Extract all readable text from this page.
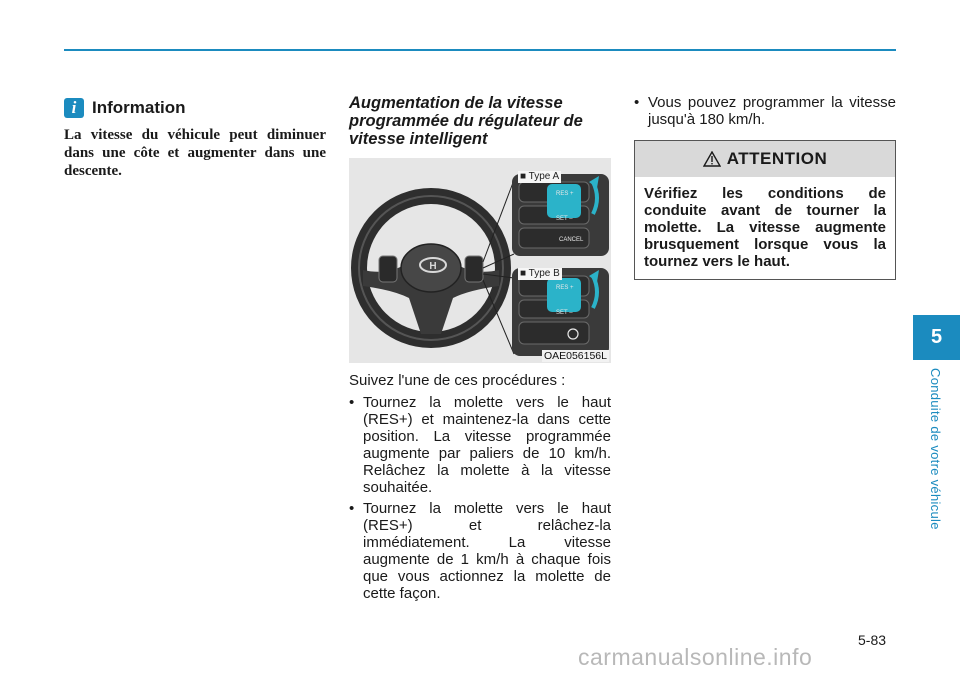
i Information

La vitesse du véhicule peut diminuer dans une côte et augmenter dans une descente.

Augmentation de la vitesse programmée du régulateur de vitesse intelligent
H
RES +
SET –
CANCEL
RES +
SET –
OAE056156L
■ Type A
■ Type B

Suivez l'une de ces procédures :

• Tournez la molette vers le haut (RES+) et maintenez-la dans cette position. La vitesse programmée augmente par paliers de 10 km/h. Relâchez la molette à la vitesse souhaitée.
• Tournez la molette vers le haut (RES+) et relâchez-la immédiatement. La vitesse augmente de 1 km/h à chaque fois que vous actionnez la molette de cette façon.
• Vous pouvez programmer la vitesse jusqu'à 180 km/h.
ATTENTION

Vérifiez les conditions de conduite avant de tourner la molette. La vitesse augmente brusquement lorsque vous la tournez vers le haut.

5
Conduite de votre véhicule
5-83
carmanualsonline.info
